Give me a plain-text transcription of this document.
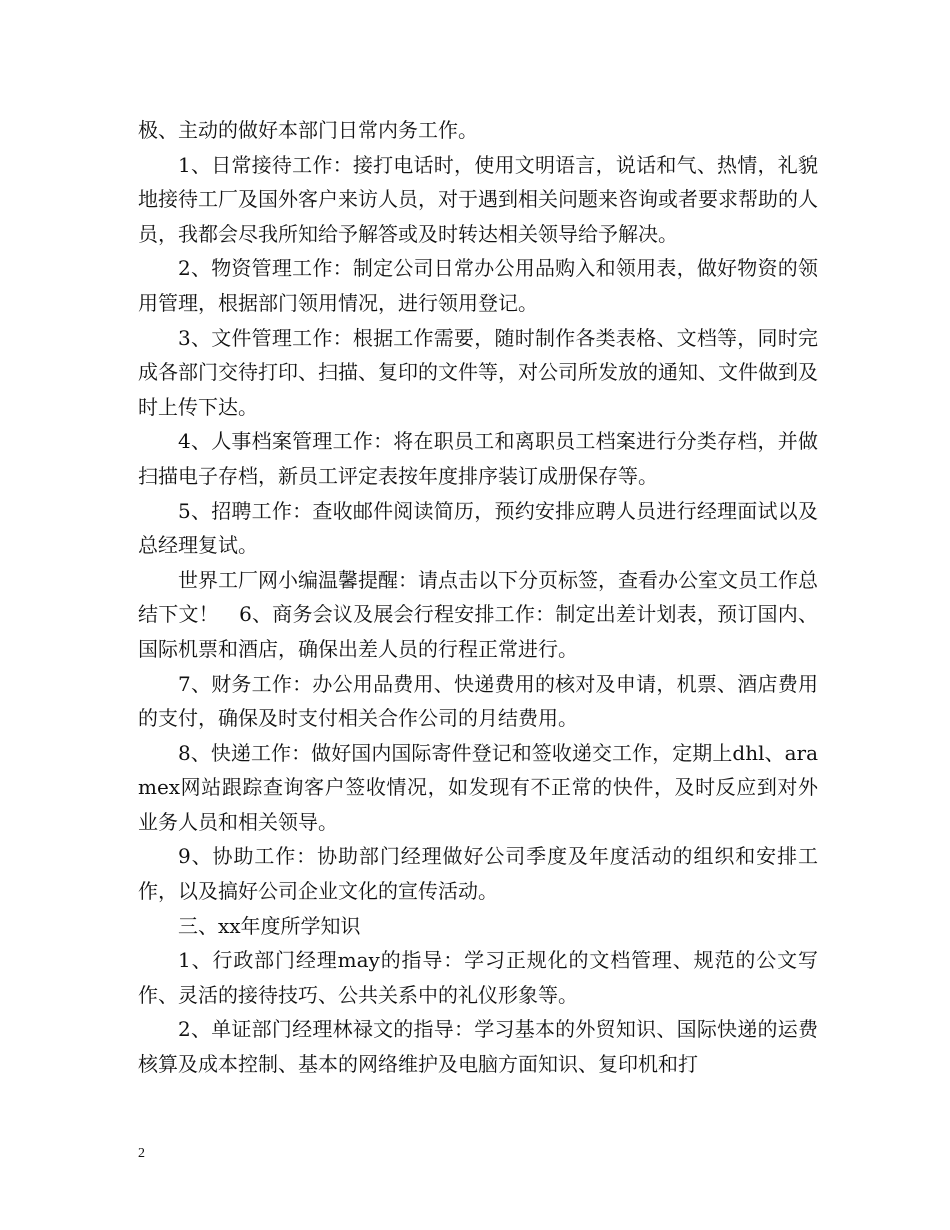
极、主动的做好本部门日常内务工作。

1、日常接待工作：接打电话时，使用文明语言，说话和气、热情，礼貌地接待工厂及国外客户来访人员，对于遇到相关问题来咨询或者要求帮助的人员，我都会尽我所知给予解答或及时转达相关领导给予解决。

2、物资管理工作：制定公司日常办公用品购入和领用表，做好物资的领用管理，根据部门领用情况，进行领用登记。

3、文件管理工作：根据工作需要，随时制作各类表格、文档等，同时完成各部门交待打印、扫描、复印的文件等，对公司所发放的通知、文件做到及时上传下达。

4、人事档案管理工作：将在职员工和离职员工档案进行分类存档，并做扫描电子存档，新员工评定表按年度排序装订成册保存等。

5、招聘工作：查收邮件阅读简历，预约安排应聘人员进行经理面试以及总经理复试。

世界工厂网小编温馨提醒：请点击以下分页标签，查看办公室文员工作总结下文！　6、商务会议及展会行程安排工作：制定出差计划表，预订国内、国际机票和酒店，确保出差人员的行程正常进行。

7、财务工作：办公用品费用、快递费用的核对及申请，机票、酒店费用的支付，确保及时支付相关合作公司的月结费用。

8、快递工作：做好国内国际寄件登记和签收递交工作，定期上dhl、aramex网站跟踪查询客户签收情况，如发现有不正常的快件，及时反应到对外业务人员和相关领导。

9、协助工作：协助部门经理做好公司季度及年度活动的组织和安排工作，以及搞好公司企业文化的宣传活动。

三、xx年度所学知识

1、行政部门经理may的指导：学习正规化的文档管理、规范的公文写作、灵活的接待技巧、公共关系中的礼仪形象等。

2、单证部门经理林禄文的指导：学习基本的外贸知识、国际快递的运费核算及成本控制、基本的网络维护及电脑方面知识、复印机和打

2
